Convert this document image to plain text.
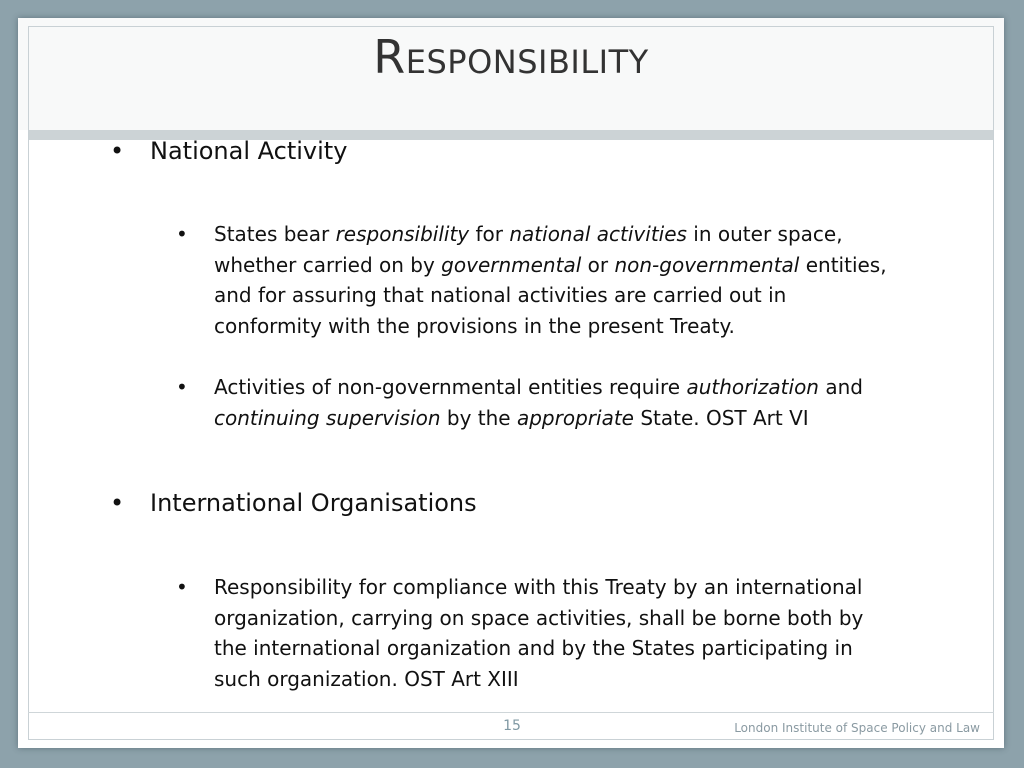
Responsibility
• National Activity
• States bear responsibility for national activities in outer space, whether carried on by governmental or non-governmental entities, and for assuring that national activities are carried out in conformity with the provisions in the present Treaty.
• Activities of non-governmental entities require authorization and continuing supervision by the appropriate State. OST Art VI
• International Organisations
• Responsibility for compliance with this Treaty by an international organization, carrying on space activities, shall be borne both by the international organization and by the States participating in such organization. OST Art XIII
15	London Institute of Space Policy and Law
